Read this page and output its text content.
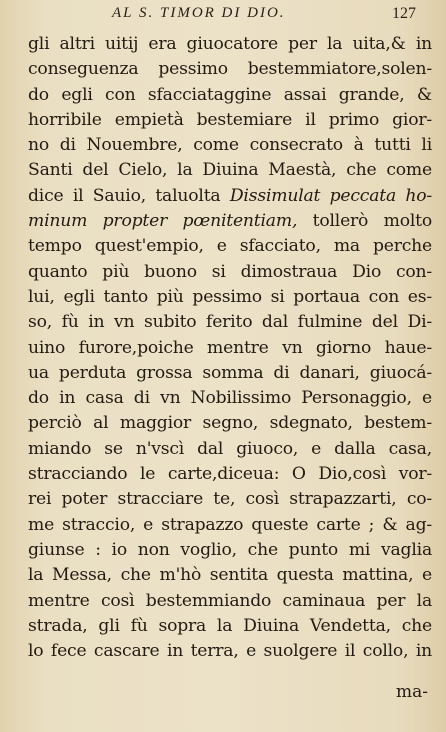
AL S. TIMOR DI DIO.	127
gli altri uitij era giuocatore per la uita,& in
conseguenza pessimo bestemmiatore,solen-
do egli con sfacciataggine assai grande, &
horribile empietà bestemiare il primo gior-
no di Nouembre, come consecrato à tutti li
Santi del Cielo, la Diuina Maestà, che come
dice il Sauio, taluolta Dissimulat peccata ho-
minum propter pœnitentiam, tollerò molto
tempo quest'empio, e sfacciato, ma perche
quanto più buono si dimostraua Dio con-
lui, egli tanto più pessimo si portaua con es-
so, fù in vn subito ferito dal fulmine del Di-
uino furore,poiche mentre vn giorno haue-
ua perduta grossa somma di danari, giuocá-
do in casa di vn Nobilissimo Personaggio, e
perciò al maggior segno, sdegnato, bestem-
miando se n'vscì dal giuoco, e dalla casa,
stracciando le carte,diceua: O Dio,così vor-
rei poter stracciare te, così strapazzarti, co-
me straccio, e strapazzo queste carte ; & ag-
giunse : io non voglio, che punto mi vaglia
la Messa, che m'hò sentita questa mattina, e
mentre così bestemmiando caminaua per la
strada, gli fù sopra la Diuina Vendetta, che
lo fece cascare in terra, e suolgere il collo, in
ma-
